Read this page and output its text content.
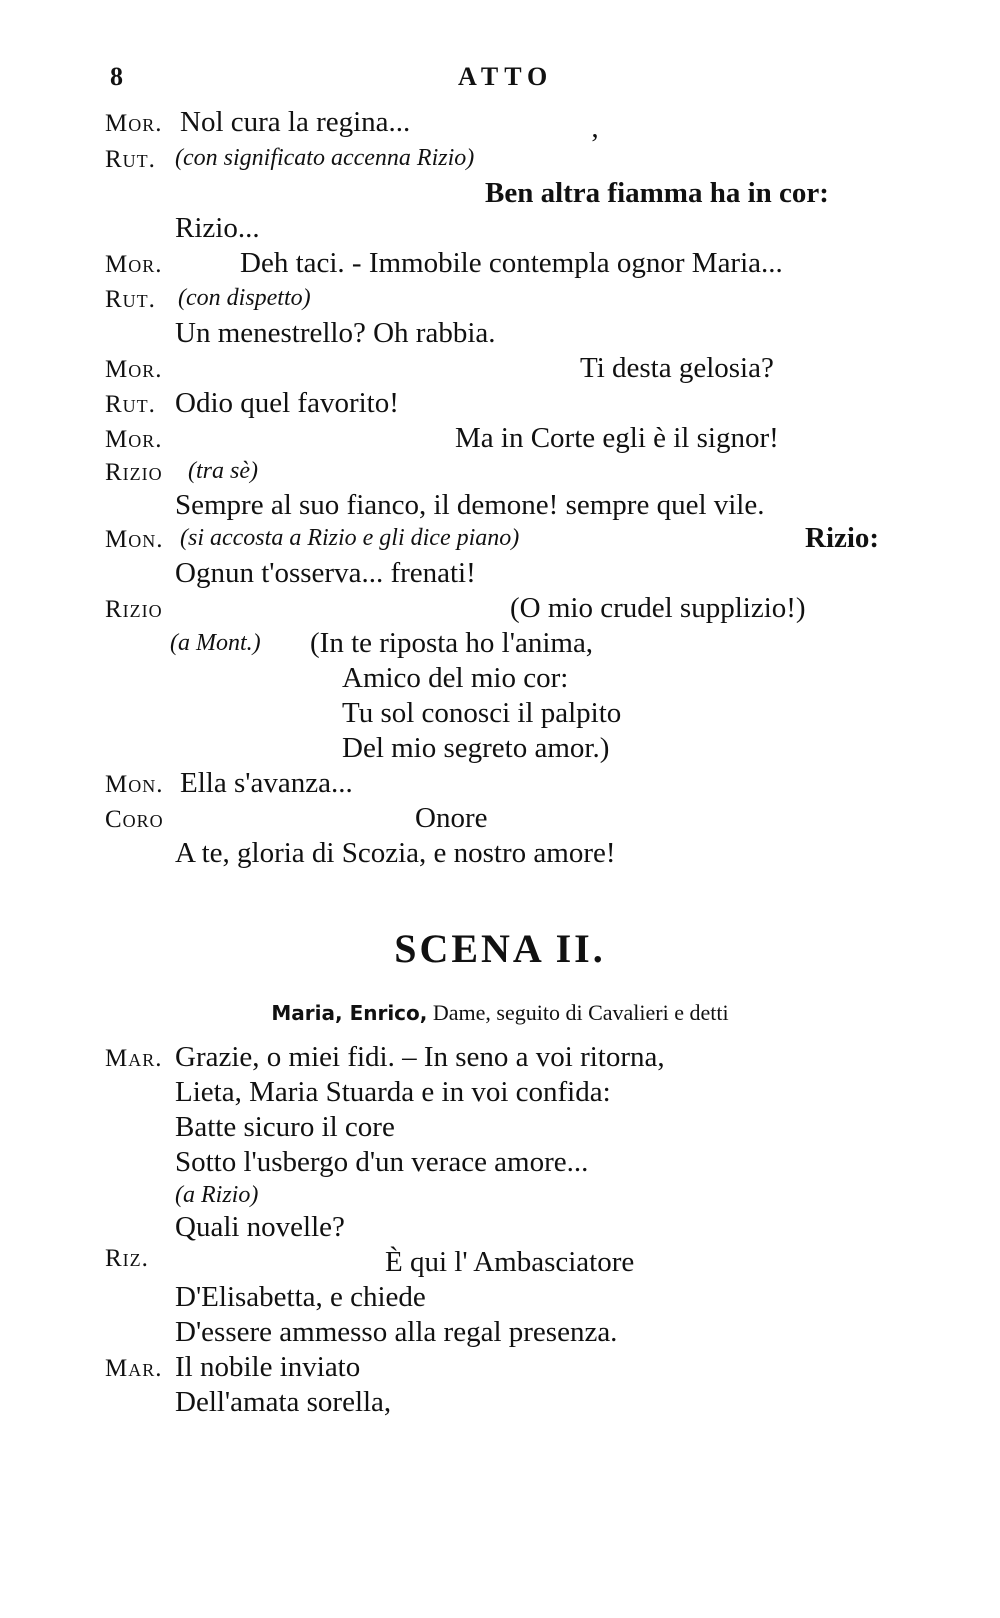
8	ATTO
Mor. Nol cura la regina...	‚
Rut. (con significato accenna Rizio)
Ben altra fiamma ha in cor:
Rizio...
Mor.	Deh taci. - Immobile contempla ognor Maria...
Rut. (con dispetto)
Un menestrello? Oh rabbia.
Mor.	Ti desta gelosia?
Rut. Odio quel favorito!
Mor.	Ma in Corte egli è il signor!
Rizio (tra sè)
Sempre al suo fianco, il demone! sempre quel vile.
Mon. (si accosta a Rizio e gli dice piano)	Rizio:
Ognun t'osserva... frenati!
Rizio	(O mio crudel supplizio!)
(a Mont.) (In te riposta ho l'anima,
Amico del mio cor:
Tu sol conosci il palpito
Del mio segreto amor.)
Mon. Ella s'avanza...
Coro	Onore
A te, gloria di Scozia, e nostro amore!
SCENA II.
Maria, Enrico, Dame, seguito di Cavalieri e detti
Mar. Grazie, o miei fidi. – In seno a voi ritorna,
Lieta, Maria Stuarda e in voi confida:
Batte sicuro il core
Sotto l'usbergo d'un verace amore...
(a Rizio)
Quali novelle?
Riz.	È qui l' Ambasciatore
D'Elisabetta, e chiede
D'essere ammesso alla regal presenza.
Mar. Il nobile inviato
Dell'amata sorella,
